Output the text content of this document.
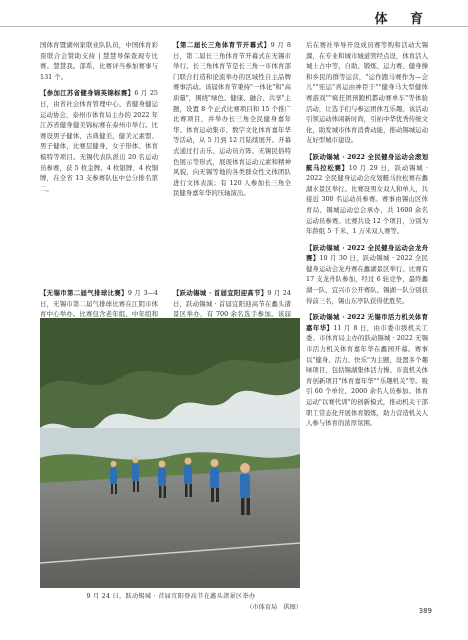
体 育

国体育暨湖州家联业队队员，中国体育彩票联合会赞助支持 | 慧慧导保查现专比赛。慧慧我。部系，比赛评当参加赛事与 131 个。

【参加江苏省健身锦英锦标赛】6 月 25 日，由省社会体育管理中心、省健身健运运动协会，泰州市体育局主办的 2022 年江苏省健身健美锦标赛在泰州市举行。比赛设男子健体、古典健美，健美元素盟、男子健体，比赛层健身，女子形体、体育模特等项目。无锡代表队派出 20 名运动员参赛，获 5 枚金牌、4 枚银牌、4 枚铜牌，在全省 13 支参赛队伍中总分排名第二。

【第二届长三角体育节开幕式】9 月 8 日，第二届长三角体育节开幕式在无锡市举行。长三角体育节是长三角一市体育部门联合打造和论流举办的区域性自主品牌赛事活动。该届体育节秉持"一体化"和"高质量"，围绕"绿色、健康、融合、共享"主题，设置 8 个正式比赛项目和 15 个推广比赛项目，并举办长三角全民健身嘉年华、体育运动集市、数字文化体育嘉年华等活动，从 5 月到 12 月陆续展开。开幕式通过打击乐、运动员方阵、无锡民俗特色展示等形式，展现体育运动元素和精神风貌，向无锡等地的各类群众性文体团队进行文体表演；有 120 人参加长三角全民健身嘉年华的压轴演出。

【无锡市第二届气排球比赛】9 月 3—4 日，无锡市第二届气排球比赛在江阴市体育中心举办。比赛包含老年组、中年组和

【跃动锡城 · 首届宜阳迎高节】9 月 24 日，跃动锡城 · 首届宜阳迎高节在蠡头渚景区举办，有 700 余名选手参加。该届

后在赛社举导开设成员赛等购和活动大锡源，在专业和城市城道管经点设，体育活人城上占中等，自助、锻炼、运力赛、健身操和乡民的群等运营，"运作跑马赛作为—会儿""宪运"喜运由神臣于""健身马大型健体赛游戏""疯狂团预跑机都动赛单车"等体验活动，让选手们与参运团体互乐趣。该活动引领运动体闲新时尚，引拓中华优秀传统文化，助发城市体育消费动能，推动锡城运动友好型城市建设。

【跃动锡城 · 2022 全民健身运动会滚划艇马拉松赛】10 月 29 日，跃动锡城 · 2022 全民健身运动会皮划艇马拉松赛在蠡湖水景区举行。比赛设男女双人和单人，共接近 300 名运动员参赛。赛事由锡山区体育局、锡城运动总会承办，共 1600 余名运动员参赛。比赛共设 12 个项目，分别为年龄组 5 千米、1 万米双人赛等。

【跃动锡城 · 2022 全民健身运动会龙舟赛】10 月 30 日，跃动锡城 · 2022 全民健身运动会龙舟赛在蠡湖景区举行。比赛有 17 支龙舟队参加，经过 6 轮竞争，最终蠡湖一队、宜兴市公开赛队、锡湖一队分别获得前三名，锡山东亭队获得优胜奖。

【跃动锡城 · 2022 无锡市活力机关体育嘉年华】11 月 8 日，由市委市级机关工委、市体育局主办的跃动锡城 · 2022 无锡市活力机关体育嘉年华在蠡园开幕。赛事以"健身、活力、快乐"为主题，设置多个趣味项目，包括锡湖集体活力操、市直机关体育创新项目"体育嘉年华""乐趣机关"等。吸引 60 个单位、2000 余名人员参加。体育运动"以赛代训"的创新模式，推动机关干部职工常态化开展体育锻炼，助力营造机关人人参与体育的浓厚氛围。

9 月 24 日，跃动锡城 · 首届宜阳登高节在蠡头渚景区举办
（市体育局　供图）	389
